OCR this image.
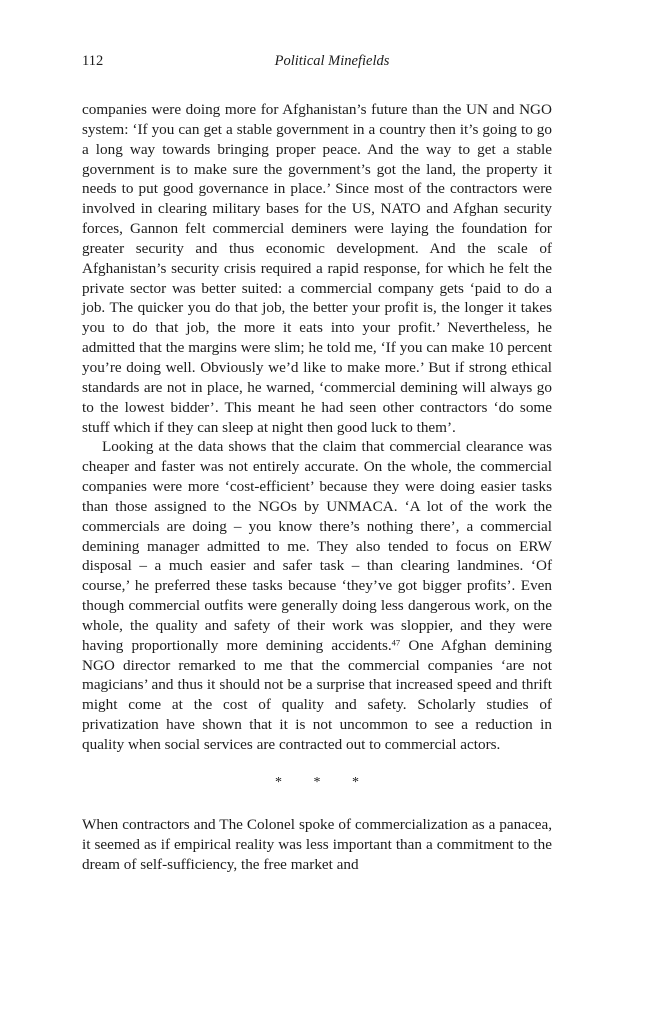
112	Political Minefields

companies were doing more for Afghanistan’s future than the UN and NGO system: ‘If you can get a stable government in a country then it’s going to go a long way towards bringing proper peace. And the way to get a stable government is to make sure the government’s got the land, the property it needs to put good governance in place.’ Since most of the contractors were involved in clearing military bases for the US, NATO and Afghan security forces, Gannon felt commercial deminers were laying the foundation for greater security and thus economic development. And the scale of Afghanistan’s security crisis required a rapid response, for which he felt the private sector was better suited: a commercial company gets ‘paid to do a job. The quicker you do that job, the better your profit is, the longer it takes you to do that job, the more it eats into your profit.’ Nevertheless, he admitted that the margins were slim; he told me, ‘If you can make 10 percent you’re doing well. Obviously we’d like to make more.’ But if strong ethical standards are not in place, he warned, ‘commercial demining will always go to the lowest bidder’. This meant he had seen other contractors ‘do some stuff which if they can sleep at night then good luck to them’.

Looking at the data shows that the claim that commercial clearance was cheaper and faster was not entirely accurate. On the whole, the commercial companies were more ‘cost-efficient’ because they were doing easier tasks than those assigned to the NGOs by UNMACA. ‘A lot of the work the commercials are doing – you know there’s nothing there’, a commercial demining manager admitted to me. They also tended to focus on ERW disposal – a much easier and safer task – than clearing landmines. ‘Of course,’ he preferred these tasks because ‘they’ve got bigger profits’. Even though commercial outfits were generally doing less dangerous work, on the whole, the quality and safety of their work was sloppier, and they were having proportionally more demining accidents.$^{47}$ One Afghan demining NGO director remarked to me that the commercial companies ‘are not magicians’ and thus it should not be a surprise that increased speed and thrift might come at the cost of quality and safety. Scholarly studies of privatization have shown that it is not uncommon to see a reduction in quality when social services are contracted out to commercial actors.

* * *

When contractors and The Colonel spoke of commercialization as a panacea, it seemed as if empirical reality was less important than a commitment to the dream of self-sufficiency, the free market and
